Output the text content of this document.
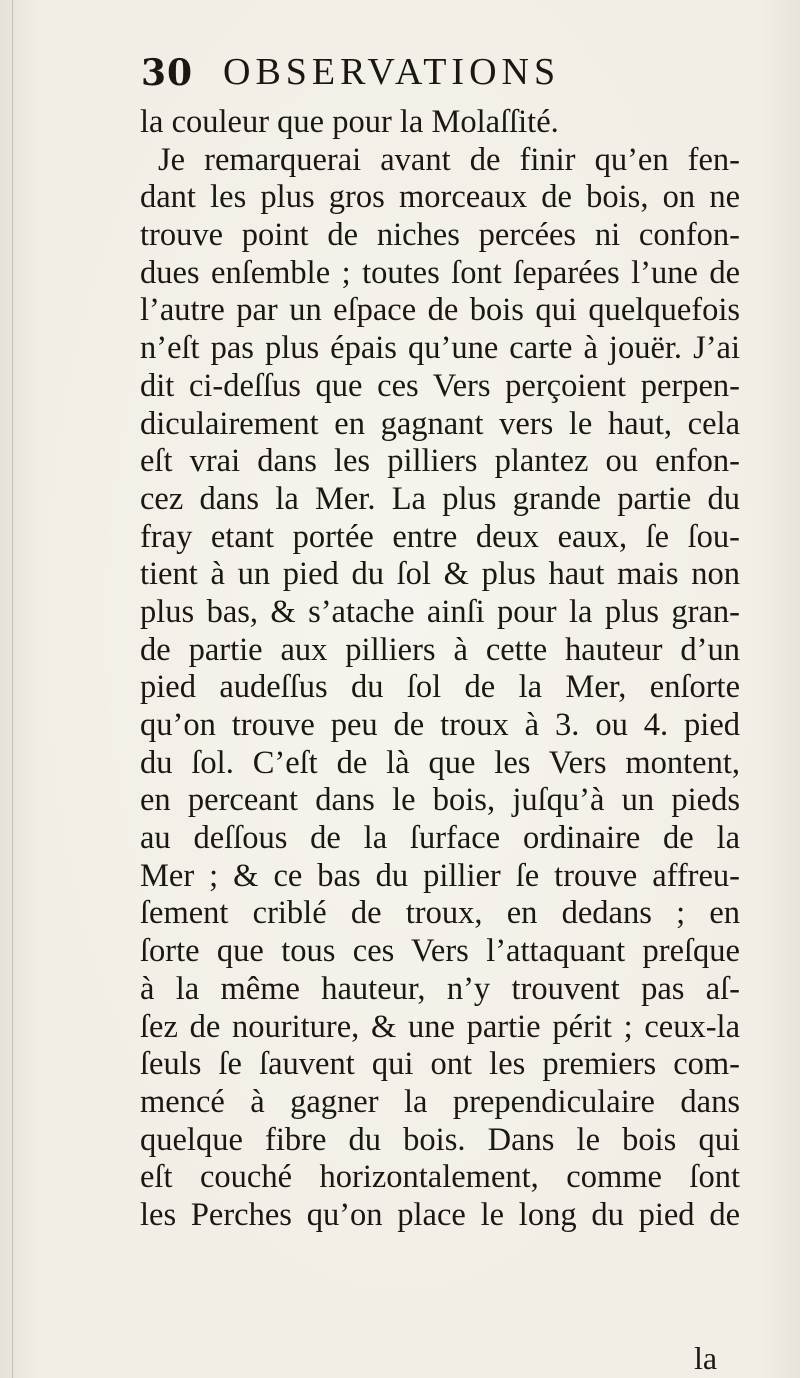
30 OBSERVATIONS
la couleur que pour la Molaſſité.
Je remarquerai avant de finir qu’en fen-
dant les plus gros morceaux de bois, on ne
trouve point de niches percées ni confon-
dues enſemble ; toutes ſont ſeparées l’une de
l’autre par un eſpace de bois qui quelquefois
n’eſt pas plus épais qu’une carte à jouër. J’ai
dit ci-deſſus que ces Vers perçoient perpen-
diculairement en gagnant vers le haut, cela
eſt vrai dans les pilliers plantez ou enfon-
cez dans la Mer. La plus grande partie du
fray etant portée entre deux eaux, ſe ſou-
tient à un pied du ſol & plus haut mais non
plus bas, & s’atache ainſi pour la plus gran-
de partie aux pilliers à cette hauteur d’un
pied audeſſus du ſol de la Mer, enſorte
qu’on trouve peu de troux à 3. ou 4. pied
du ſol. C’eſt de là que les Vers montent,
en perceant dans le bois, juſqu’à un pieds
au deſſous de la ſurface ordinaire de la
Mer ; & ce bas du pillier ſe trouve affreu-
ſement criblé de troux, en dedans ; en
ſorte que tous ces Vers l’attaquant preſque
à la même hauteur, n’y trouvent pas aſ-
ſez de nouriture, & une partie périt ; ceux-la
ſeuls ſe ſauvent qui ont les premiers com-
mencé à gagner la prependiculaire dans
quelque fibre du bois. Dans le bois qui
eſt couché horizontalement, comme ſont
les Perches qu’on place le long du pied de
la
